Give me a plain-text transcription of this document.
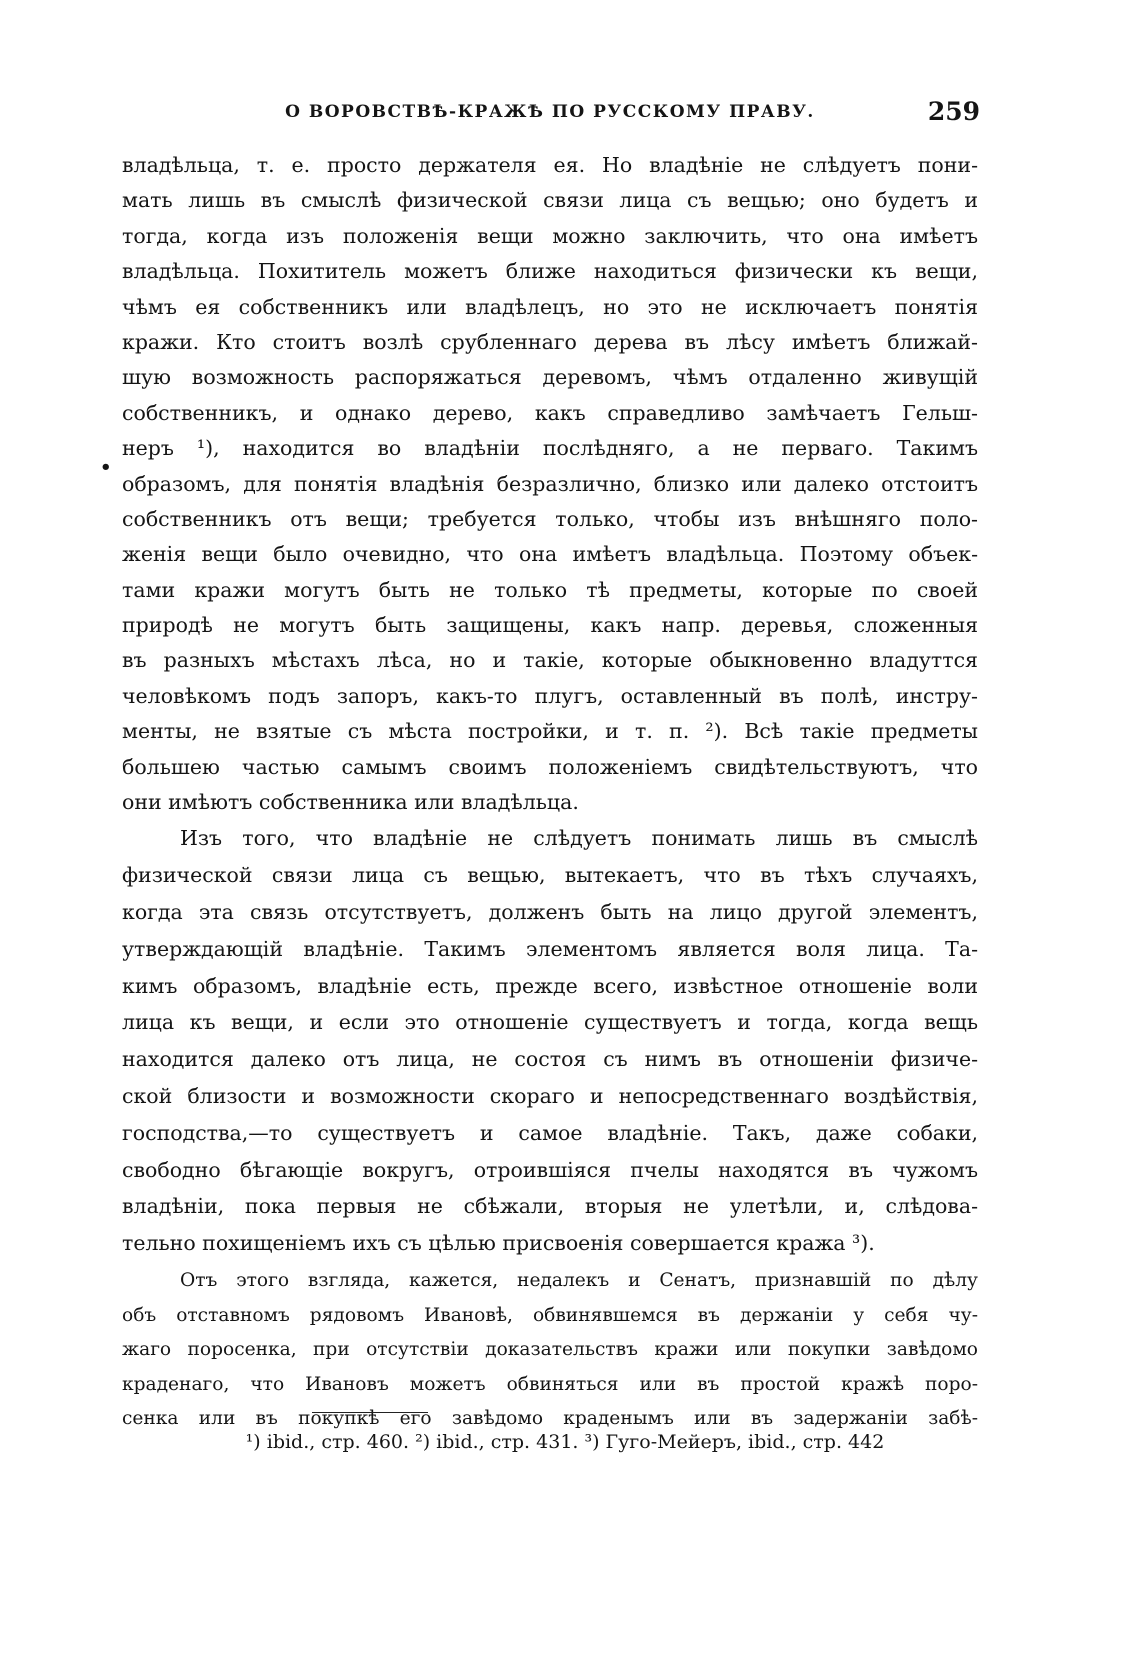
О ВОРОВСТВѢ-КРАЖѢ ПО РУССКОМУ ПРАВУ.	259
•
владѣльца, т. е. просто держателя ея. Но владѣніе не слѣдуетъ пони-
мать лишь въ смыслѣ физической связи лица съ вещью; оно будетъ и
тогда, когда изъ положенія вещи можно заключить, что она имѣетъ
владѣльца. Похититель можетъ ближе находиться физически къ вещи,
чѣмъ ея собственникъ или владѣлецъ, но это не исключаетъ понятія
кражи. Кто стоитъ возлѣ срубленнаго дерева въ лѣсу имѣетъ ближай-
шую возможность распоряжаться деревомъ, чѣмъ отдаленно живущій
собственникъ, и однако дерево, какъ справедливо замѣчаетъ Гельш-
неръ ¹), находится во владѣніи послѣдняго, а не перваго. Такимъ
образомъ, для понятія владѣнія безразлично, близко или далеко отстоитъ
собственникъ отъ вещи; требуется только, чтобы изъ внѣшняго поло-
женія вещи было очевидно, что она имѣетъ владѣльца. Поэтому объек-
тами кражи могутъ быть не только тѣ предметы, которые по своей
природѣ не могутъ быть защищены, какъ напр. деревья, сложенныя
въ разныхъ мѣстахъ лѣса, но и такіе, которые обыкновенно владуттся
человѣкомъ подъ запоръ, какъ-то плугъ, оставленный въ полѣ, инстру-
менты, не взятые съ мѣста постройки, и т. п. ²). Всѣ такіе предметы
большею частью самымъ своимъ положеніемъ свидѣтельствуютъ, что
они имѣютъ собственника или владѣльца.
Изъ того, что владѣніе не слѣдуетъ понимать лишь въ смыслѣ
физической связи лица съ вещью, вытекаетъ, что въ тѣхъ случаяхъ,
когда эта связь отсутствуетъ, долженъ быть на лицо другой элементъ,
утверждающій владѣніе. Такимъ элементомъ является воля лица. Та-
кимъ образомъ, владѣніе есть, прежде всего, извѣстное отношеніе воли
лица къ вещи, и если это отношеніе существуетъ и тогда, когда вещь
находится далеко отъ лица, не состоя съ нимъ въ отношеніи физиче-
ской близости и возможности скораго и непосредственнаго воздѣйствія,
господства,—то существуетъ и самое владѣніе. Такъ, даже собаки,
свободно бѣгающіе вокругъ, отроившіяся пчелы находятся въ чужомъ
владѣніи, пока первыя не сбѣжали, вторыя не улетѣли, и, слѣдова-
тельно похищеніемъ ихъ съ цѣлью присвоенія совершается кража ³).
Отъ этого взгляда, кажется, недалекъ и Сенатъ, признавшій по дѣлу
объ отставномъ рядовомъ Ивановѣ, обвинявшемся въ держаніи у себя чу-
жаго поросенка, при отсутствіи доказательствъ кражи или покупки завѣдомо
краденаго, что Ивановъ можетъ обвиняться или въ простой кражѣ поро-
сенка или въ покупкѣ его завѣдомо краденымъ или въ задержаніи забѣ-
¹) ibid., стр. 460. ²) ibid., стр. 431. ³) Гуго-Мейеръ, ibid., стр. 442
